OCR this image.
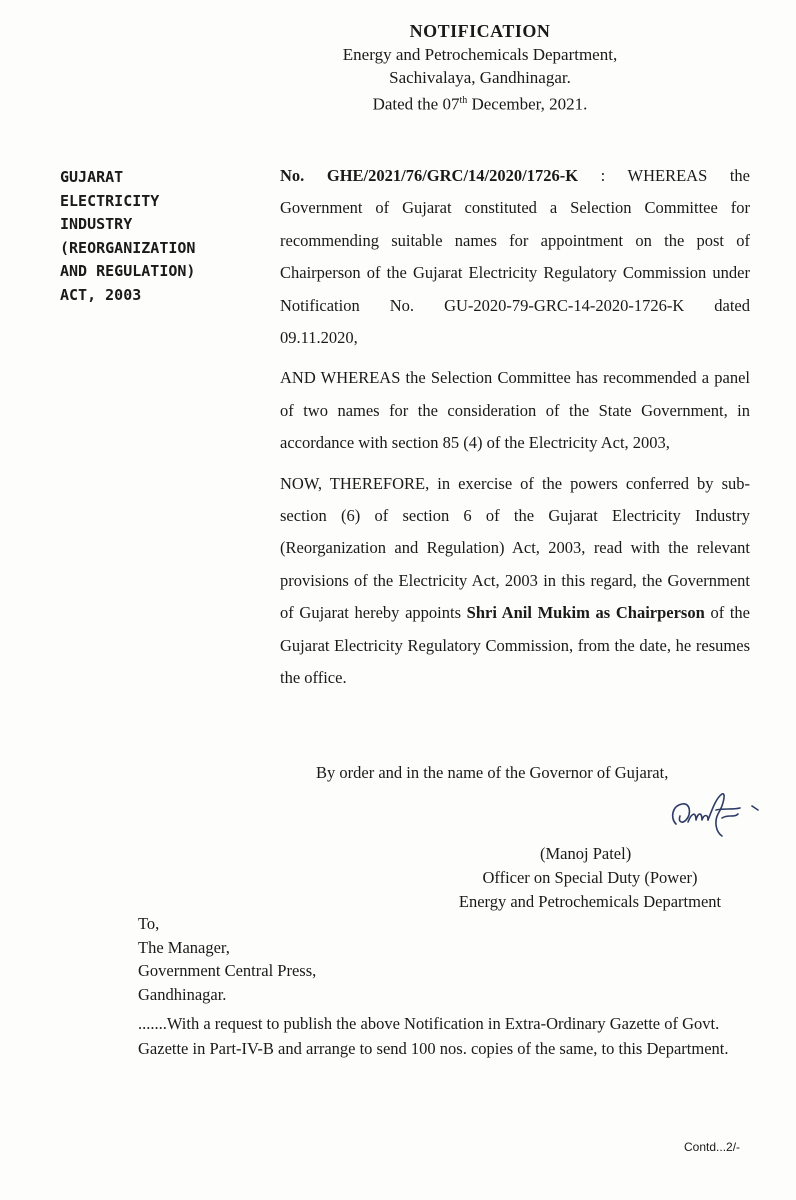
NOTIFICATION
Energy and Petrochemicals Department,
Sachivalaya, Gandhinagar.
Dated the 07th December, 2021.
GUJARAT
ELECTRICITY
INDUSTRY
(REORGANIZATION
AND REGULATION)
ACT, 2003

No. GHE/2021/76/GRC/14/2020/1726-K : WHEREAS the Government of Gujarat constituted a Selection Committee for recommending suitable names for appointment on the post of Chairperson of the Gujarat Electricity Regulatory Commission under Notification No. GU-2020-79-GRC-14-2020-1726-K dated 09.11.2020,

AND WHEREAS the Selection Committee has recommended a panel of two names for the consideration of the State Government, in accordance with section 85 (4) of the Electricity Act, 2003,

NOW, THEREFORE, in exercise of the powers conferred by sub-section (6) of section 6 of the Gujarat Electricity Industry (Reorganization and Regulation) Act, 2003, read with the relevant provisions of the Electricity Act, 2003 in this regard, the Government of Gujarat hereby appoints Shri Anil Mukim as Chairperson of the Gujarat Electricity Regulatory Commission, from the date, he resumes the office.

By order and in the name of the Governor of Gujarat,
(Manoj Patel)
Officer on Special Duty (Power)
Energy and Petrochemicals Department
To,
The Manager,
Government Central Press,
Gandhinagar.
.......With a request to publish the above Notification in Extra-Ordinary Gazette of Govt. Gazette in Part-IV-B and arrange to send 100 nos. copies of the same, to this Department.
Contd...2/-
